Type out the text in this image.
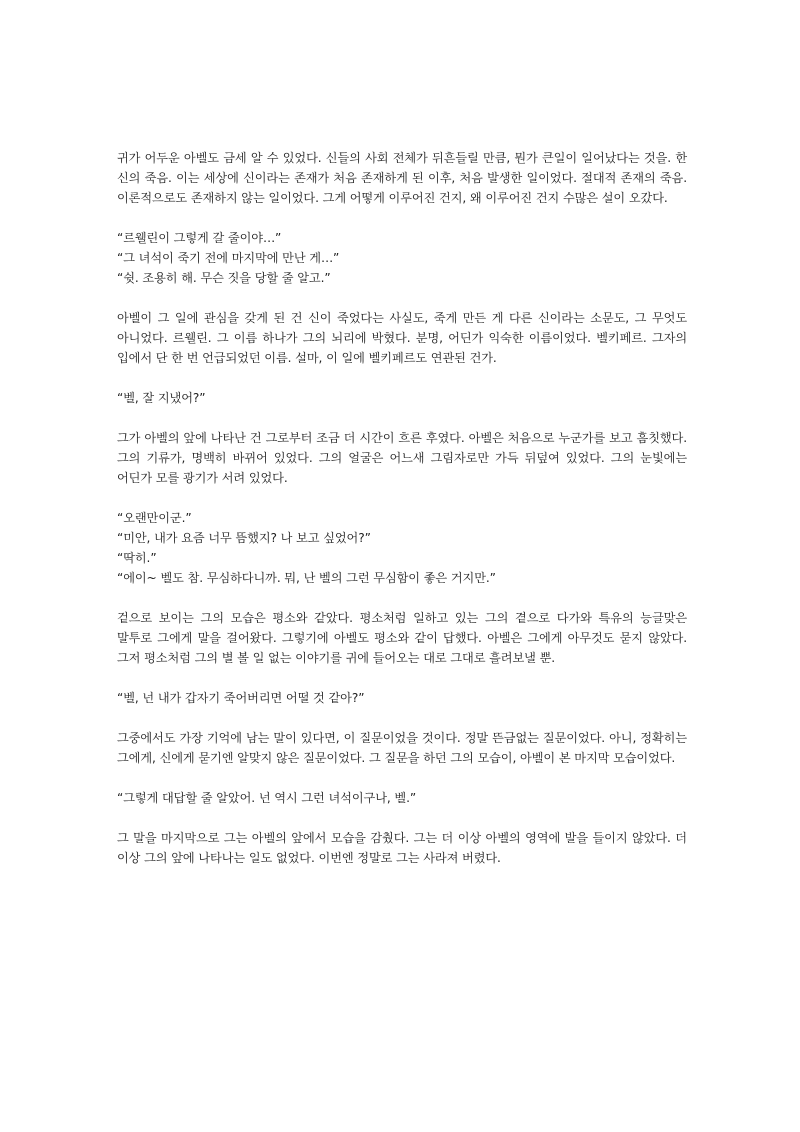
귀가 어두운 아벨도 금세 알 수 있었다. 신들의 사회 전체가 뒤흔들릴 만큼, 뭔가 큰일이 일어났다는 것을. 한 신의 죽음. 이는 세상에 신이라는 존재가 처음 존재하게 된 이후, 처음 발생한 일이었다. 절대적 존재의 죽음. 이론적으로도 존재하지 않는 일이었다. 그게 어떻게 이루어진 건지, 왜 이루어진 건지 수많은 설이 오갔다.

“르웰린이 그렇게 갈 줄이야…”

“그 녀석이 죽기 전에 마지막에 만난 게…”

“쉿. 조용히 해. 무슨 짓을 당할 줄 알고.”

아벨이 그 일에 관심을 갖게 된 건 신이 죽었다는 사실도, 죽게 만든 게 다른 신이라는 소문도, 그 무엇도 아니었다. 르웰린. 그 이름 하나가 그의 뇌리에 박혔다. 분명, 어딘가 익숙한 이름이었다. 벨키페르. 그자의 입에서 단 한 번 언급되었던 이름. 설마, 이 일에 벨키페르도 연관된 건가.

“벨, 잘 지냈어?”

그가 아벨의 앞에 나타난 건 그로부터 조금 더 시간이 흐른 후였다. 아벨은 처음으로 누군가를 보고 흠칫했다. 그의 기류가, 명백히 바뀌어 있었다. 그의 얼굴은 어느새 그림자로만 가득 뒤덮여 있었다. 그의 눈빛에는 어딘가 모를 광기가 서려 있었다.

“오랜만이군.”

“미안, 내가 요즘 너무 뜸했지? 나 보고 싶었어?”

“딱히.”

“에이~ 벨도 참. 무심하다니까. 뭐, 난 벨의 그런 무심함이 좋은 거지만.”

겉으로 보이는 그의 모습은 평소와 같았다. 평소처럼 일하고 있는 그의 곁으로 다가와 특유의 능글맞은 말투로 그에게 말을 걸어왔다. 그렇기에 아벨도 평소와 같이 답했다. 아벨은 그에게 아무것도 묻지 않았다. 그저 평소처럼 그의 별 볼 일 없는 이야기를 귀에 들어오는 대로 그대로 흘려보낼 뿐.

“벨, 넌 내가 갑자기 죽어버리면 어떨 것 같아?”

그중에서도 가장 기억에 남는 말이 있다면, 이 질문이었을 것이다. 정말 뜬금없는 질문이었다. 아니, 정확히는 그에게, 신에게 묻기엔 알맞지 않은 질문이었다. 그 질문을 하던 그의 모습이, 아벨이 본 마지막 모습이었다.

“그렇게 대답할 줄 알았어. 넌 역시 그런 녀석이구나, 벨.”

그 말을 마지막으로 그는 아벨의 앞에서 모습을 감췄다. 그는 더 이상 아벨의 영역에 발을 들이지 않았다. 더 이상 그의 앞에 나타나는 일도 없었다. 이번엔 정말로 그는 사라져 버렸다.
